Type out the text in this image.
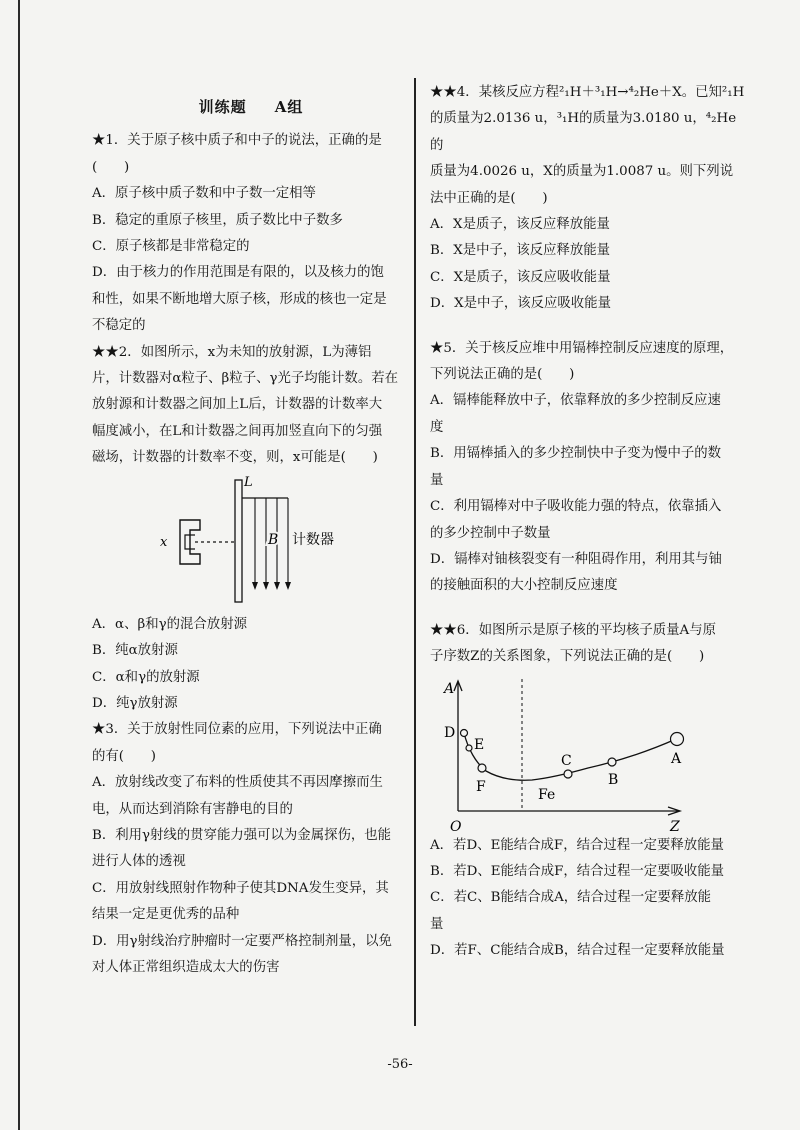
训练题 A组

★1．关于原子核中质子和中子的说法，正确的是

(　　)

A．原子核中质子数和中子数一定相等

B．稳定的重原子核里，质子数比中子数多

C．原子核都是非常稳定的

D．由于核力的作用范围是有限的，以及核力的饱

和性，如果不断地增大原子核，形成的核也一定是

不稳定的

★★2．如图所示，x为未知的放射源，L为薄铝

片，计数器对α粒子、β粒子、γ光子均能计数。若在

放射源和计数器之间加上L后，计数器的计数率大

幅度减小，在L和计数器之间再加竖直向下的匀强

磁场，计数器的计数率不变，则，x可能是(　　)

x
L
B 计数器

A．α、β和γ的混合放射源

B．纯α放射源

C．α和γ的放射源

D．纯γ放射源

★3．关于放射性同位素的应用，下列说法中正确

的有(　　)

A．放射线改变了布料的性质使其不再因摩擦而生

电，从而达到消除有害静电的目的

B．利用γ射线的贯穿能力强可以为金属探伤，也能

进行人体的透视

C．用放射线照射作物种子使其DNA发生变异，其

结果一定是更优秀的品种

D．用γ射线治疗肿瘤时一定要严格控制剂量，以免

对人体正常组织造成太大的伤害

★★4．某核反应方程²₁H＋³₁H→⁴₂He＋X。已知²₁H

的质量为2.0136 u，³₁H的质量为3.0180 u，⁴₂He的

质量为4.0026 u，X的质量为1.0087 u。则下列说

法中正确的是(　　)

A．X是质子，该反应释放能量

B．X是中子，该反应释放能量

C．X是质子，该反应吸收能量

D．X是中子，该反应吸收能量

★5．关于核反应堆中用镉棒控制反应速度的原理，

下列说法正确的是(　　)

A．镉棒能释放中子，依靠释放的多少控制反应速

度

B．用镉棒插入的多少控制快中子变为慢中子的数

量

C．利用镉棒对中子吸收能力强的特点，依靠插入

的多少控制中子数量

D．镉棒对铀核裂变有一种阻碍作用，利用其与铀

的接触面积的大小控制反应速度

★★6．如图所示是原子核的平均核子质量A与原

子序数Z的关系图象，下列说法正确的是(　　)

A
Z
O
D
E
F	Fe
C
B
A

A．若D、E能结合成F，结合过程一定要释放能量

B．若D、E能结合成F，结合过程一定要吸收能量

C．若C、B能结合成A，结合过程一定要释放能

量

D．若F、C能结合成B，结合过程一定要释放能量

-56-
